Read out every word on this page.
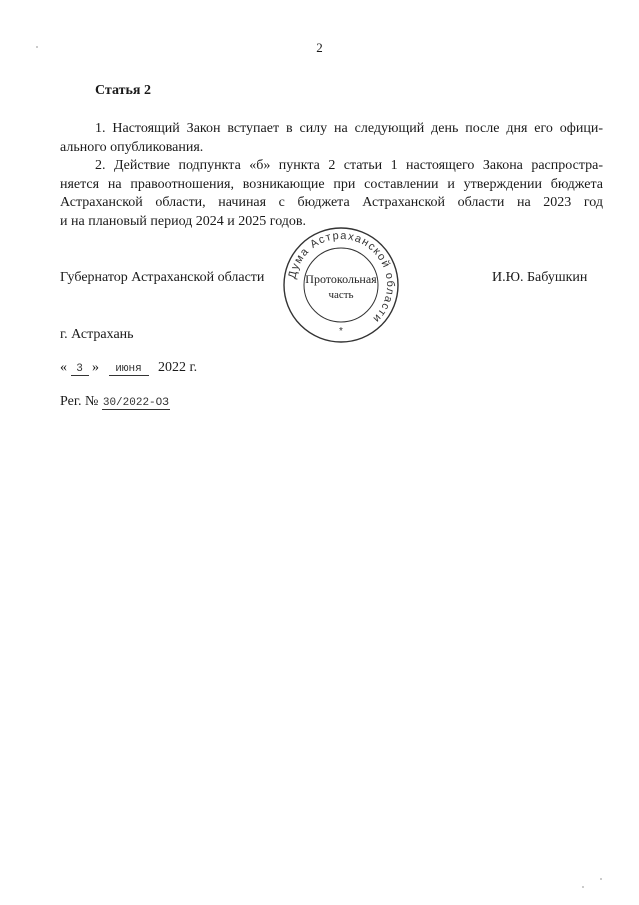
2
Статья 2
1. Настоящий Закон вступает в силу на следующий день после дня его офици-
ального опубликования.
2. Действие подпункта «б» пункта 2 статьи 1 настоящего Закона распростра-
няется на правоотношения, возникающие при составлении и утверждении бюджета
Астраханской области, начиная с бюджета Астраханской области на 2023 год
и на плановый период 2024 и 2025 годов.
Губернатор Астраханской области Дума Астраханской области
Протокольная
часть
*
И.Ю. Бабушкин
г. Астрахань
« 3 » июня 2022 г.
Рег. № 30/2022-ОЗ
